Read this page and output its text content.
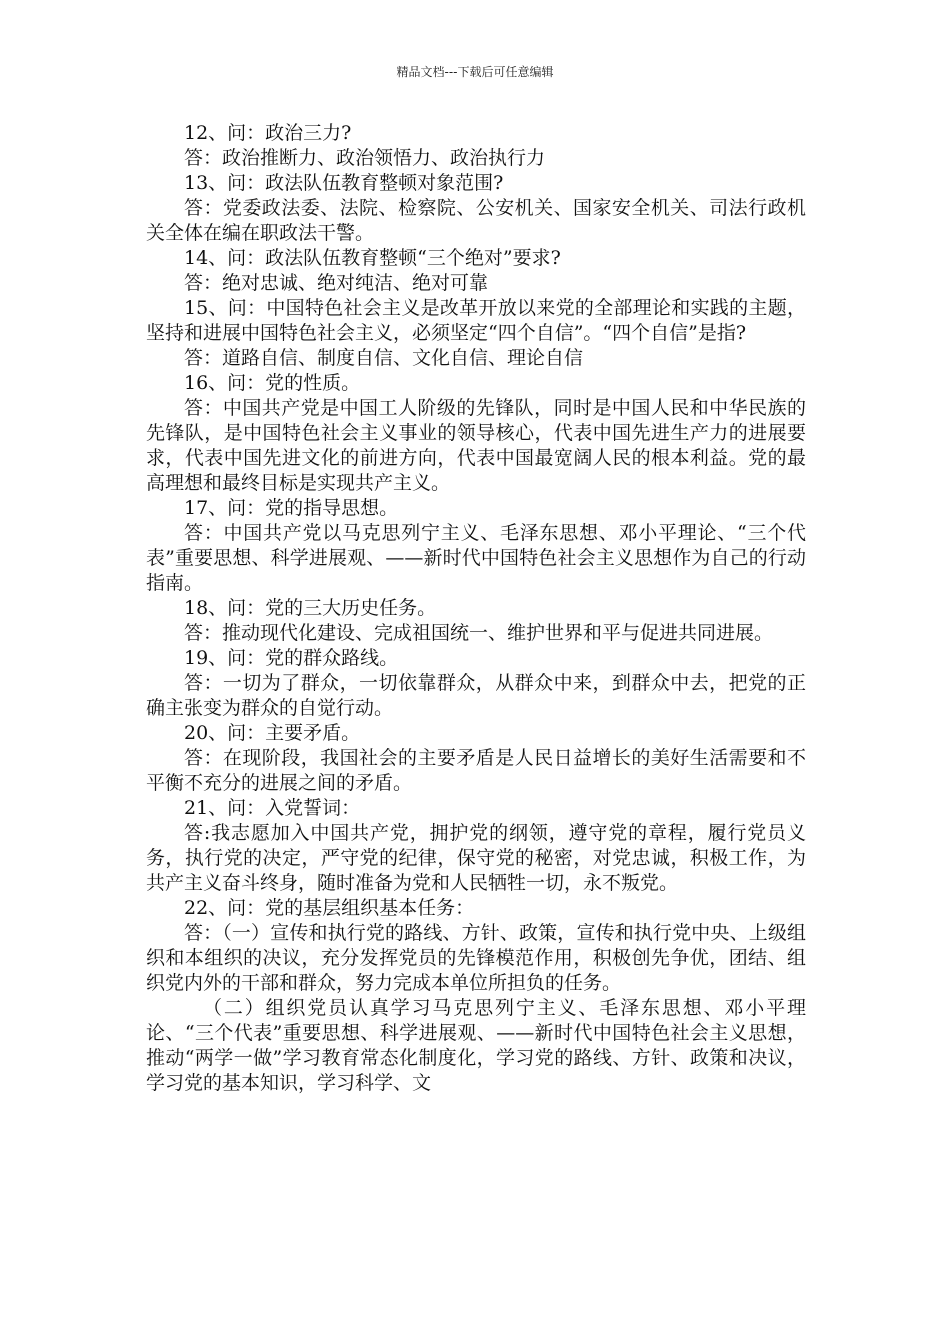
精品文档---下载后可任意编辑

12、问：政治三力?

答：政治推断力、政治领悟力、政治执行力

13、问：政法队伍教育整顿对象范围?

答：党委政法委、法院、检察院、公安机关、国家安全机关、司法行政机关全体在编在职政法干警。

14、问：政法队伍教育整顿“三个绝对”要求?

答：绝对忠诚、绝对纯洁、绝对可靠

15、问：中国特色社会主义是改革开放以来党的全部理论和实践的主题，坚持和进展中国特色社会主义，必须坚定“四个自信”。“四个自信”是指?

答：道路自信、制度自信、文化自信、理论自信

16、问：党的性质。

答：中国共产党是中国工人阶级的先锋队，同时是中国人民和中华民族的先锋队，是中国特色社会主义事业的领导核心，代表中国先进生产力的进展要求，代表中国先进文化的前进方向，代表中国最宽阔人民的根本利益。党的最高理想和最终目标是实现共产主义。

17、问：党的指导思想。

答：中国共产党以马克思列宁主义、毛泽东思想、邓小平理论、“三个代表”重要思想、科学进展观、——新时代中国特色社会主义思想作为自己的行动指南。

18、问：党的三大历史任务。

答：推动现代化建设、完成祖国统一、维护世界和平与促进共同进展。

19、问：党的群众路线。

答：一切为了群众，一切依靠群众，从群众中来，到群众中去，把党的正确主张变为群众的自觉行动。

20、问：主要矛盾。

答：在现阶段，我国社会的主要矛盾是人民日益增长的美好生活需要和不平衡不充分的进展之间的矛盾。

21、问：入党誓词：

答:我志愿加入中国共产党，拥护党的纲领，遵守党的章程，履行党员义务，执行党的决定，严守党的纪律，保守党的秘密，对党忠诚，积极工作，为共产主义奋斗终身，随时准备为党和人民牺牲一切，永不叛党。

22、问：党的基层组织基本任务：

答：（一）宣传和执行党的路线、方针、政策，宣传和执行党中央、上级组织和本组织的决议，充分发挥党员的先锋模范作用，积极创先争优，团结、组织党内外的干部和群众，努力完成本单位所担负的任务。

（二）组织党员认真学习马克思列宁主义、毛泽东思想、邓小平理论、“三个代表”重要思想、科学进展观、——新时代中国特色社会主义思想，推动“两学一做”学习教育常态化制度化，学习党的路线、方针、政策和决议，学习党的基本知识，学习科学、文
